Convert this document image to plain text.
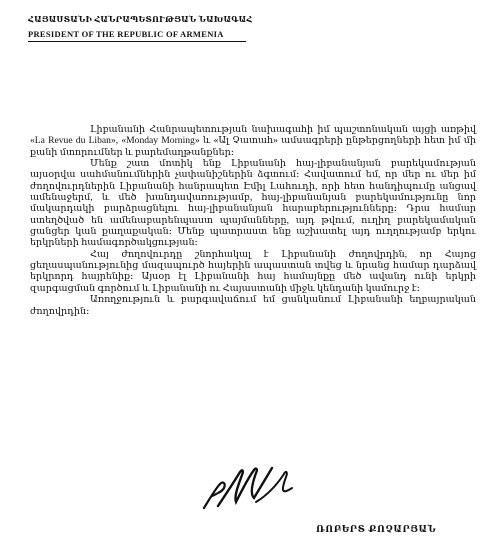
ՀԱՅԱՍՏԱՆԻ ՀԱՆՐԱՊԵՏՈՒԹՅԱՆ ՆԱԽԱԳԱՀ
PRESIDENT OF THE REPUBLIC OF ARMENIA

Լիբանանի Հանրապետության նախագահի իմ պաշտոնական այցի առթիվ «La Revue du Liban», «Monday Morning» և «Ալ Չատահ» ամսագրերի ընթերցողների հետ իմ մի քանի մտորումներ և բարեմաղթանքներ։

Մենք շատ մոտիկ ենք Լիբանանի հայ-լիբանանյան բարեկամության այսօրվա սահմանումներին չափանիշներին ձգտում։ Հավատում եմ, որ մեր ու մեր իմ ժողովուրդներին Լիբանանի հանրապետ Էմիլ Լահուդի, որի հետ հանդիպումը անցավ ամենաջերմ, և մեծ խանդավառությամբ, հայ-լիբանանյան բարեկամությունը նոր մակարդակի բարձրացնելու հայ-լիբանանյան հարաբերությունները։ Դրա համար ստեղծված են ամենաբարենպաստ պայմանները, այդ թվում, ուղիղ բարեկամական ցանցեր կան քաղաքական։ Մենք պատրաստ ենք աշխատել այդ ուղղությամբ երկու երկրների համագործակցության։

Հայ ժողովուրդը շնորհակալ է Լիբանանի ժողովրդին, որ Հայոց ցեղասպանությունից մազապուրծ հայերին ապաստան տվեց և նրանց համար դարձավ երկրորդ հայրենիք։ Այսօր էլ Լիբանանի հայ համայնքը մեծ ավանդ ունի երկրի զարգացման գործում և Լիբանանի ու Հայաստանի միջև կենդանի կամուրջ է։

Առողջություն և բարգավաճում եմ ցանկանում Լիբանանի եղբայրական ժողովրդին։

ՌՈԲԵՐՏ ՔՈՉԱՐՅԱՆ
